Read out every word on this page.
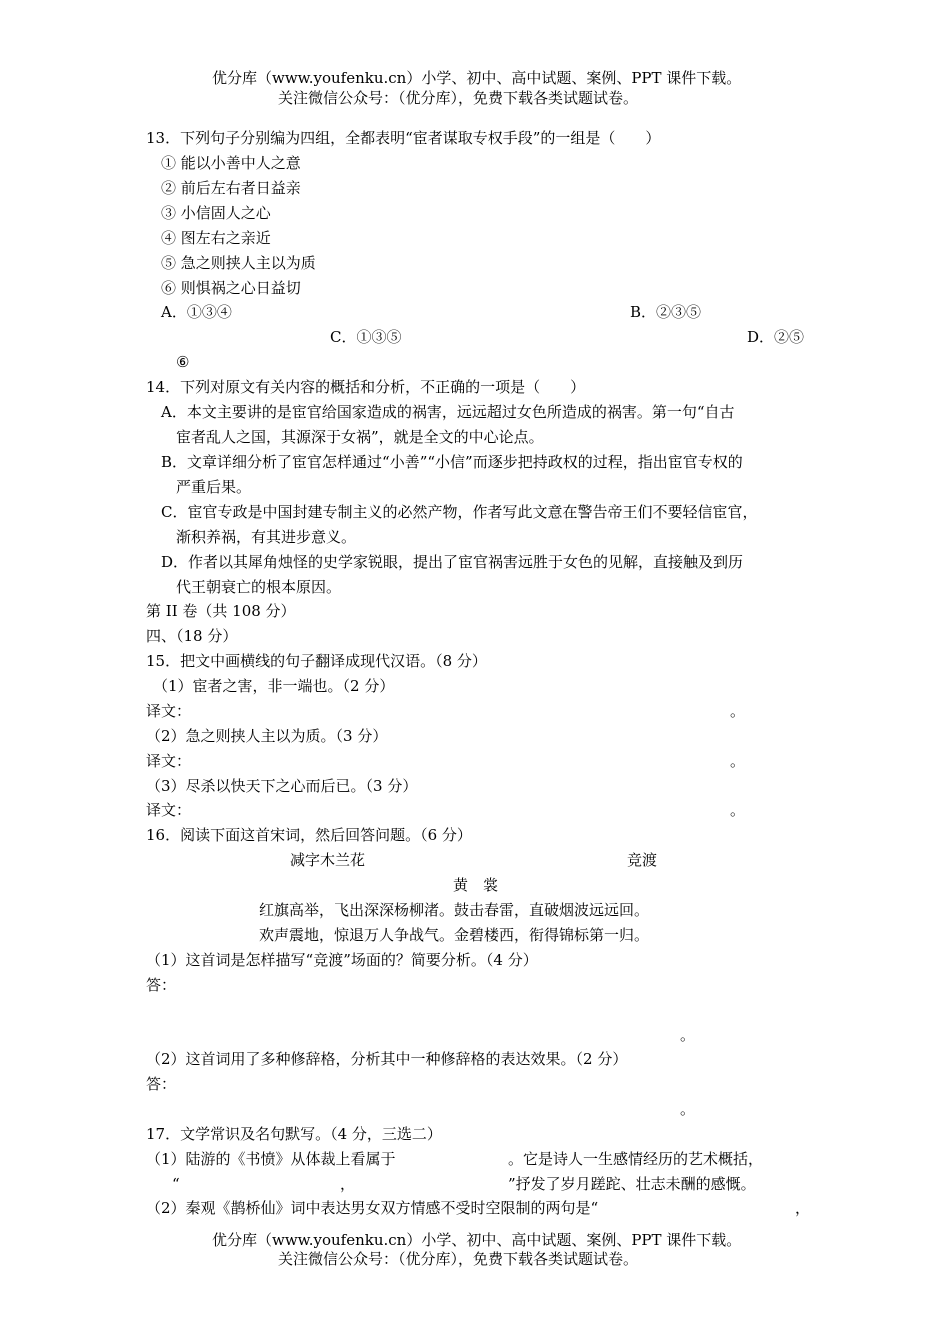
优分库（www.youfenku.cn）小学、初中、高中试题、案例、PPT 课件下载。
关注微信公众号：（优分库），免费下载各类试题试卷。
13．下列句子分别编为四组，全都表明“宦者谋取专权手段”的一组是（　　）
① 能以小善中人之意
② 前后左右者日益亲
③ 小信固人之心
④ 图左右之亲近
⑤ 急之则挟人主以为质
⑥ 则惧祸之心日益切
A．①③④	B．②③⑤
C．①③⑤	D．②⑤
⑥
14．下列对原文有关内容的概括和分析，不正确的一项是（　　）
A．本文主要讲的是宦官给国家造成的祸害，远远超过女色所造成的祸害。第一句“自古
宦者乱人之国，其源深于女祸”，就是全文的中心论点。
B．文章详细分析了宦官怎样通过“小善”“小信”而逐步把持政权的过程，指出宦官专权的
严重后果。
C．宦官专政是中国封建专制主义的必然产物，作者写此文意在警告帝王们不要轻信宦官，
渐积养祸，有其进步意义。
D．作者以其犀角烛怪的史学家锐眼，提出了宦官祸害远胜于女色的见解，直接触及到历
代王朝衰亡的根本原因。
第 II 卷（共 108 分）
四、（18 分）
15．把文中画横线的句子翻译成现代汉语。（8 分）
（1）宦者之害，非一端也。（2 分）
译文：	。
（2）急之则挟人主以为质。（3 分）
译文：	。
（3）尽杀以快天下之心而后已。（3 分）
译文：	。
16．阅读下面这首宋词，然后回答问题。（6 分）
减字木兰花	竞渡
黄　裳
红旗高举，飞出深深杨柳渚。鼓击春雷，直破烟波远远回。
欢声震地，惊退万人争战气。金碧楼西，衔得锦标第一归。
（1）这首词是怎样描写“竞渡”场面的？简要分析。（4 分）
答：
。
（2）这首词用了多种修辞格，分析其中一种修辞格的表达效果。（2 分）
答：
。
17．文学常识及名句默写。（4 分，三选二）
（1）陆游的《书愤》从体裁上看属于	。它是诗人一生感情经历的艺术概括，
“	，	”抒发了岁月蹉跎、壮志未酬的感慨。
（2）秦观《鹊桥仙》词中表达男女双方情感不受时空限制的两句是“	，
优分库（www.youfenku.cn）小学、初中、高中试题、案例、PPT 课件下载。
关注微信公众号：（优分库），免费下载各类试题试卷。
